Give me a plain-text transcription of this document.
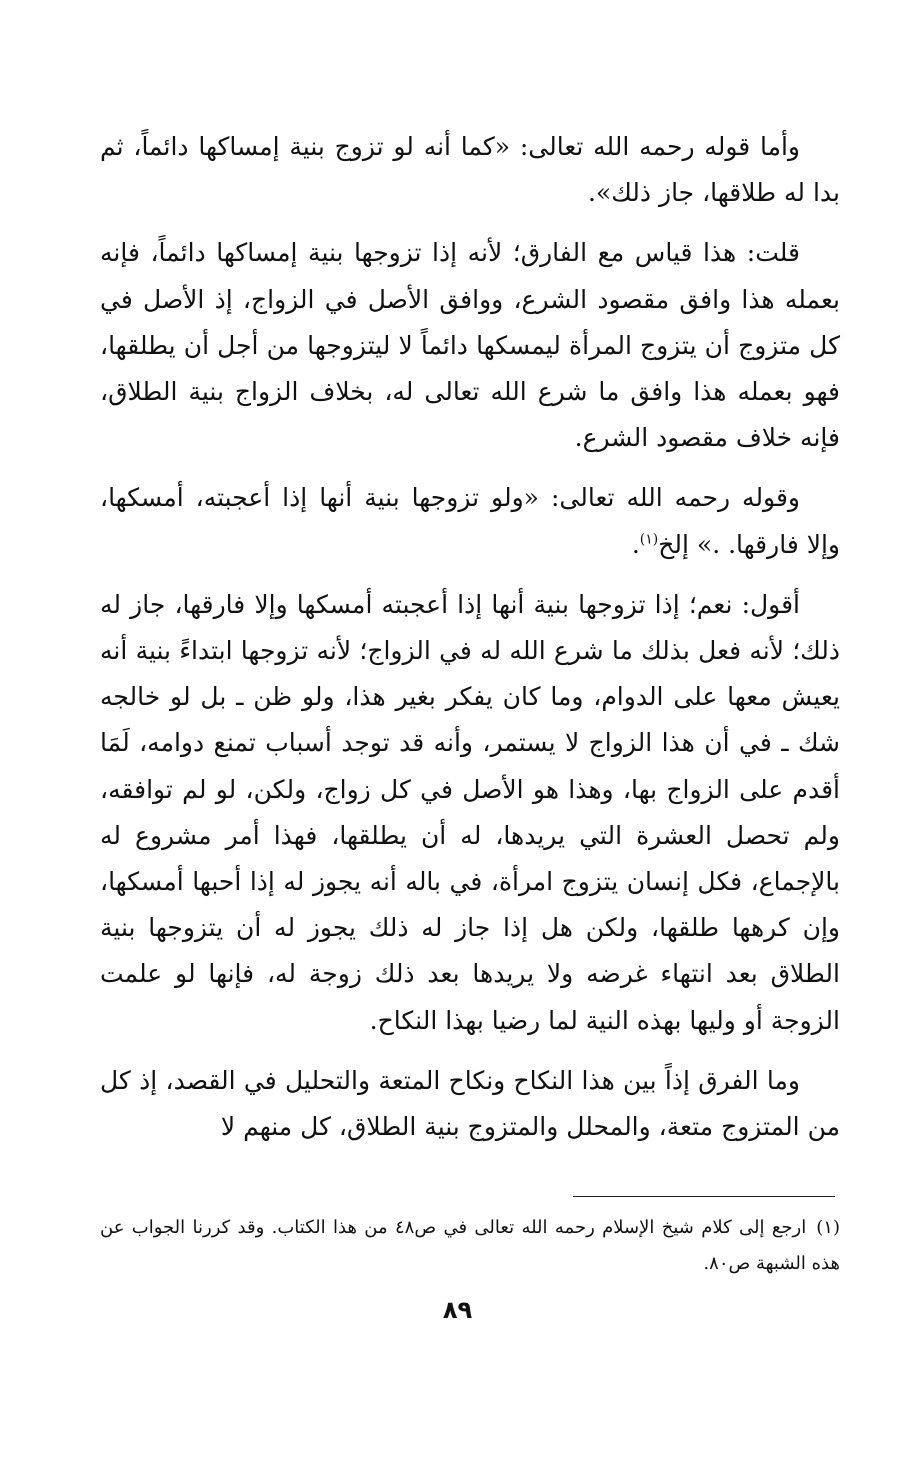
وأما قوله رحمه الله تعالى: «كما أنه لو تزوج بنية إمساكها دائماً، ثم بدا له طلاقها، جاز ذلك».

قلت: هذا قياس مع الفارق؛ لأنه إذا تزوجها بنية إمساكها دائماً، فإنه بعمله هذا وافق مقصود الشرع، ووافق الأصل في الزواج، إذ الأصل في كل متزوج أن يتزوج المرأة ليمسكها دائماً لا ليتزوجها من أجل أن يطلقها، فهو بعمله هذا وافق ما شرع الله تعالى له، بخلاف الزواج بنية الطلاق، فإنه خلاف مقصود الشرع.

وقوله رحمه الله تعالى: «ولو تزوجها بنية أنها إذا أعجبته، أمسكها، وإلا فارقها. .» إلخ$^{(١)}$.

أقول: نعم؛ إذا تزوجها بنية أنها إذا أعجبته أمسكها وإلا فارقها، جاز له ذلك؛ لأنه فعل بذلك ما شرع الله له في الزواج؛ لأنه تزوجها ابتداءً بنية أنه يعيش معها على الدوام، وما كان يفكر بغير هذا، ولو ظن ـ بل لو خالجه شك ـ في أن هذا الزواج لا يستمر، وأنه قد توجد أسباب تمنع دوامه، لَمَا أقدم على الزواج بها، وهذا هو الأصل في كل زواج، ولكن، لو لم توافقه، ولم تحصل العشرة التي يريدها، له أن يطلقها، فهذا أمر مشروع له بالإجماع، فكل إنسان يتزوج امرأة، في باله أنه يجوز له إذا أحبها أمسكها، وإن كرهها طلقها، ولكن هل إذا جاز له ذلك يجوز له أن يتزوجها بنية الطلاق بعد انتهاء غرضه ولا يريدها بعد ذلك زوجة له، فإنها لو علمت الزوجة أو وليها بهذه النية لما رضيا بهذا النكاح.

وما الفرق إذاً بين هذا النكاح ونكاح المتعة والتحليل في القصد، إذ كل من المتزوج متعة، والمحلل والمتزوج بنية الطلاق، كل منهم لا

(١)ارجع إلى كلام شيخ الإسلام رحمه الله تعالى في ص٤٨ من هذا الكتاب. وقد كررنا الجواب عن هذه الشبهة ص٨٠.
٨٩
